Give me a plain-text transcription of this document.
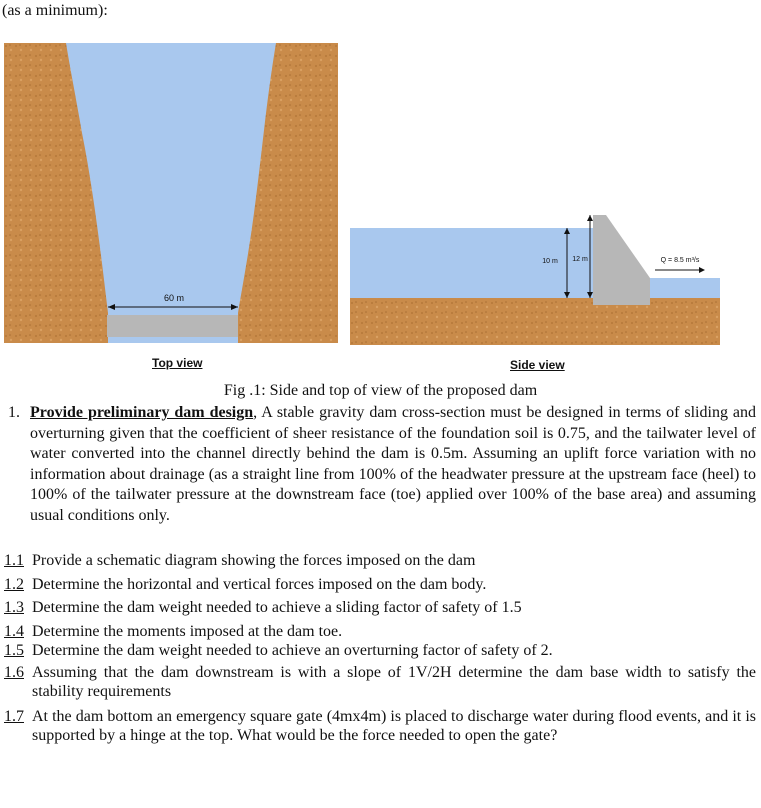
(as a minimum):
60 m
10 m 12 m	Q = 8.5 m³/s
Top view	Side view
Fig .1: Side and top of view of the proposed dam
1. Provide preliminary dam design, A stable gravity dam cross-section must be designed in terms of sliding and overturning given that the coefficient of sheer resistance of the foundation soil is 0.75, and the tailwater level of water converted into the channel directly behind the dam is 0.5m. Assuming an uplift force variation with no information about drainage (as a straight line from 100% of the headwater pressure at the upstream face (heel) to 100% of the tailwater pressure at the downstream face (toe) applied over 100% of the base area) and assuming usual conditions only.
1.1 Provide a schematic diagram showing the forces imposed on the dam
1.2 Determine the horizontal and vertical forces imposed on the dam body.
1.3 Determine the dam weight needed to achieve a sliding factor of safety of 1.5
1.4 Determine the moments imposed at the dam toe.
1.5 Determine the dam weight needed to achieve an overturning factor of safety of 2.
1.6 Assuming that the dam downstream is with a slope of 1V/2H determine the dam base width to satisfy the stability requirements
1.7 At the dam bottom an emergency square gate (4mx4m) is placed to discharge water during flood events, and it is supported by a hinge at the top. What would be the force needed to open the gate?
